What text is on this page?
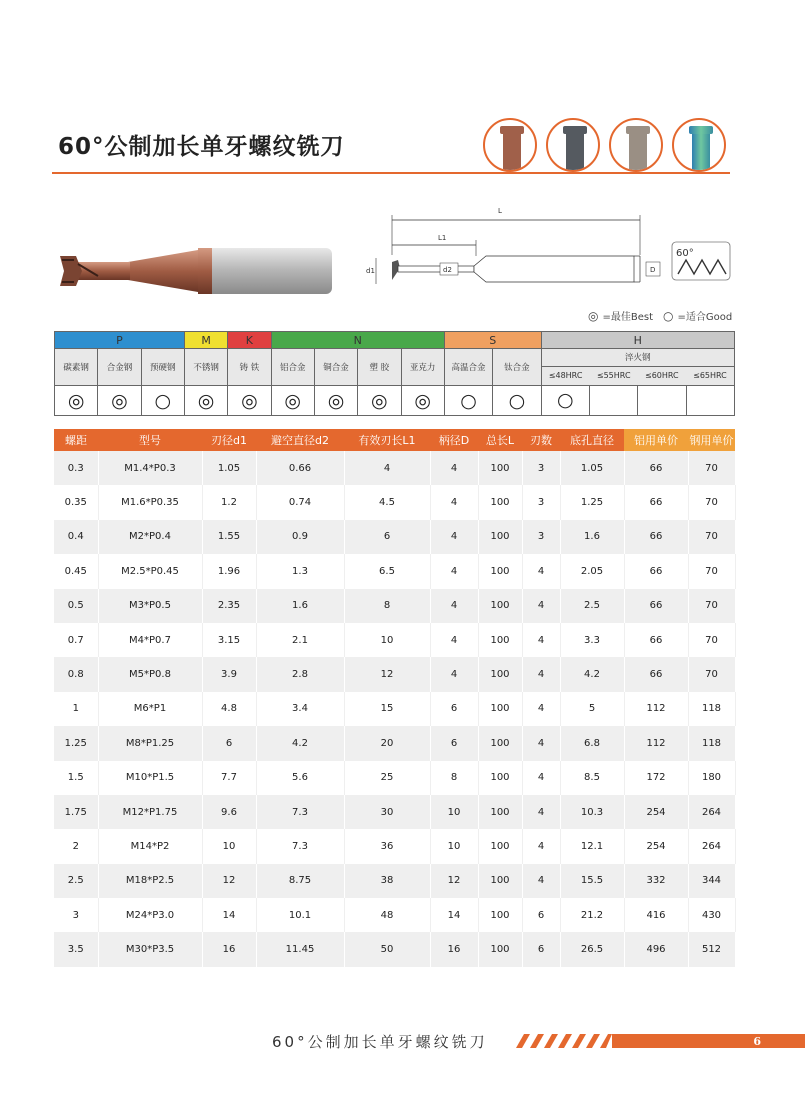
60°公制加长单牙螺纹铣刀
L
L1
d1	d2	D
60°
◎ =最佳Best ○ =适合Good
P			M	K	N				S		H
碳素钢	合金钢	预硬钢	不锈钢	铸 铁	铝合金	铜合金	塑 胶	亚克力	高温合金	钛合金	淬火钢
≤48HRC ≤55HRC ≤60HRC ≤65HRC

◎	◎	○	◎	◎	◎	◎	◎	◎	○	○	○
螺距	型号	刃径d1	避空直径d2	有效刃长L1	柄径D	总长L	刃数	底孔直径	铝用单价	钢用单价
0.3	M1.4*P0.3	1.05	0.66	4	4	100	3	1.05	66	70
0.35	M1.6*P0.35	1.2	0.74	4.5	4	100	3	1.25	66	70
0.4	M2*P0.4	1.55	0.9	6	4	100	3	1.6	66	70
0.45	M2.5*P0.45	1.96	1.3	6.5	4	100	4	2.05	66	70
0.5	M3*P0.5	2.35	1.6	8	4	100	4	2.5	66	70
0.7	M4*P0.7	3.15	2.1	10	4	100	4	3.3	66	70
0.8	M5*P0.8	3.9	2.8	12	4	100	4	4.2	66	70
1	M6*P1	4.8	3.4	15	6	100	4	5	112	118
1.25	M8*P1.25	6	4.2	20	6	100	4	6.8	112	118
1.5	M10*P1.5	7.7	5.6	25	8	100	4	8.5	172	180
1.75	M12*P1.75	9.6	7.3	30	10	100	4	10.3	254	264
2	M14*P2	10	7.3	36	10	100	4	12.1	254	264
2.5	M18*P2.5	12	8.75	38	12	100	4	15.5	332	344
3	M24*P3.0	14	10.1	48	14	100	6	21.2	416	430
3.5	M30*P3.5	16	11.45	50	16	100	6	26.5	496	512
60°公制加长单牙螺纹铣刀	6
